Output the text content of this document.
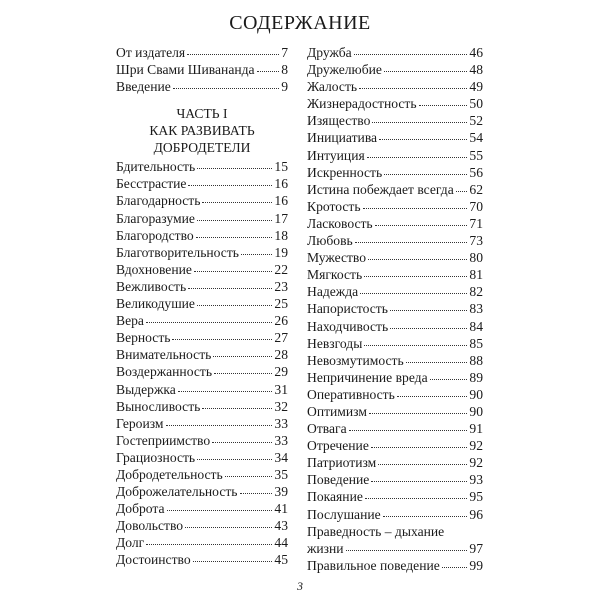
СОДЕРЖАНИЕ
От издателя	7
Шри Свами Шивананда 8
Введение	9
ЧАСТЬ I
КАК РАЗВИВАТЬ
ДОБРОДЕТЕЛИ
Бдительность	15
Бесстрастие	16
Благодарность	16
Благоразумие	17
Благородство	18
Благотворительность	19
Вдохновение	22
Вежливость	23
Великодушие	25
Вера	26
Верность	27
Внимательность	28
Воздержанность	29
Выдержка	31
Выносливость	32
Героизм	33
Гостеприимство	33
Грациозность	34
Добродетельность	35
Доброжелательность	39
Доброта	41
Довольство	43
Долг	44
Достоинство	45
Дружба	46
Дружелюбие	48
Жалость	49
Жизнерадостность	50
Изящество	52
Инициатива	54
Интуиция	55
Искренность	56
Истина побеждает всегда 62
Кротость	70
Ласковость	71
Любовь	73
Мужество	80
Мягкость	81
Надежда	82
Напористость	83
Находчивость	84
Невзгоды	85
Невозмутимость	88
Непричинение вреда	89
Оперативность	90
Оптимизм	90
Отвага	91
Отречение	92
Патриотизм	92
Поведение	93
Покаяние	95
Послушание	96
Праведность – дыхание
жизни	97
Правильное поведение 99
3
